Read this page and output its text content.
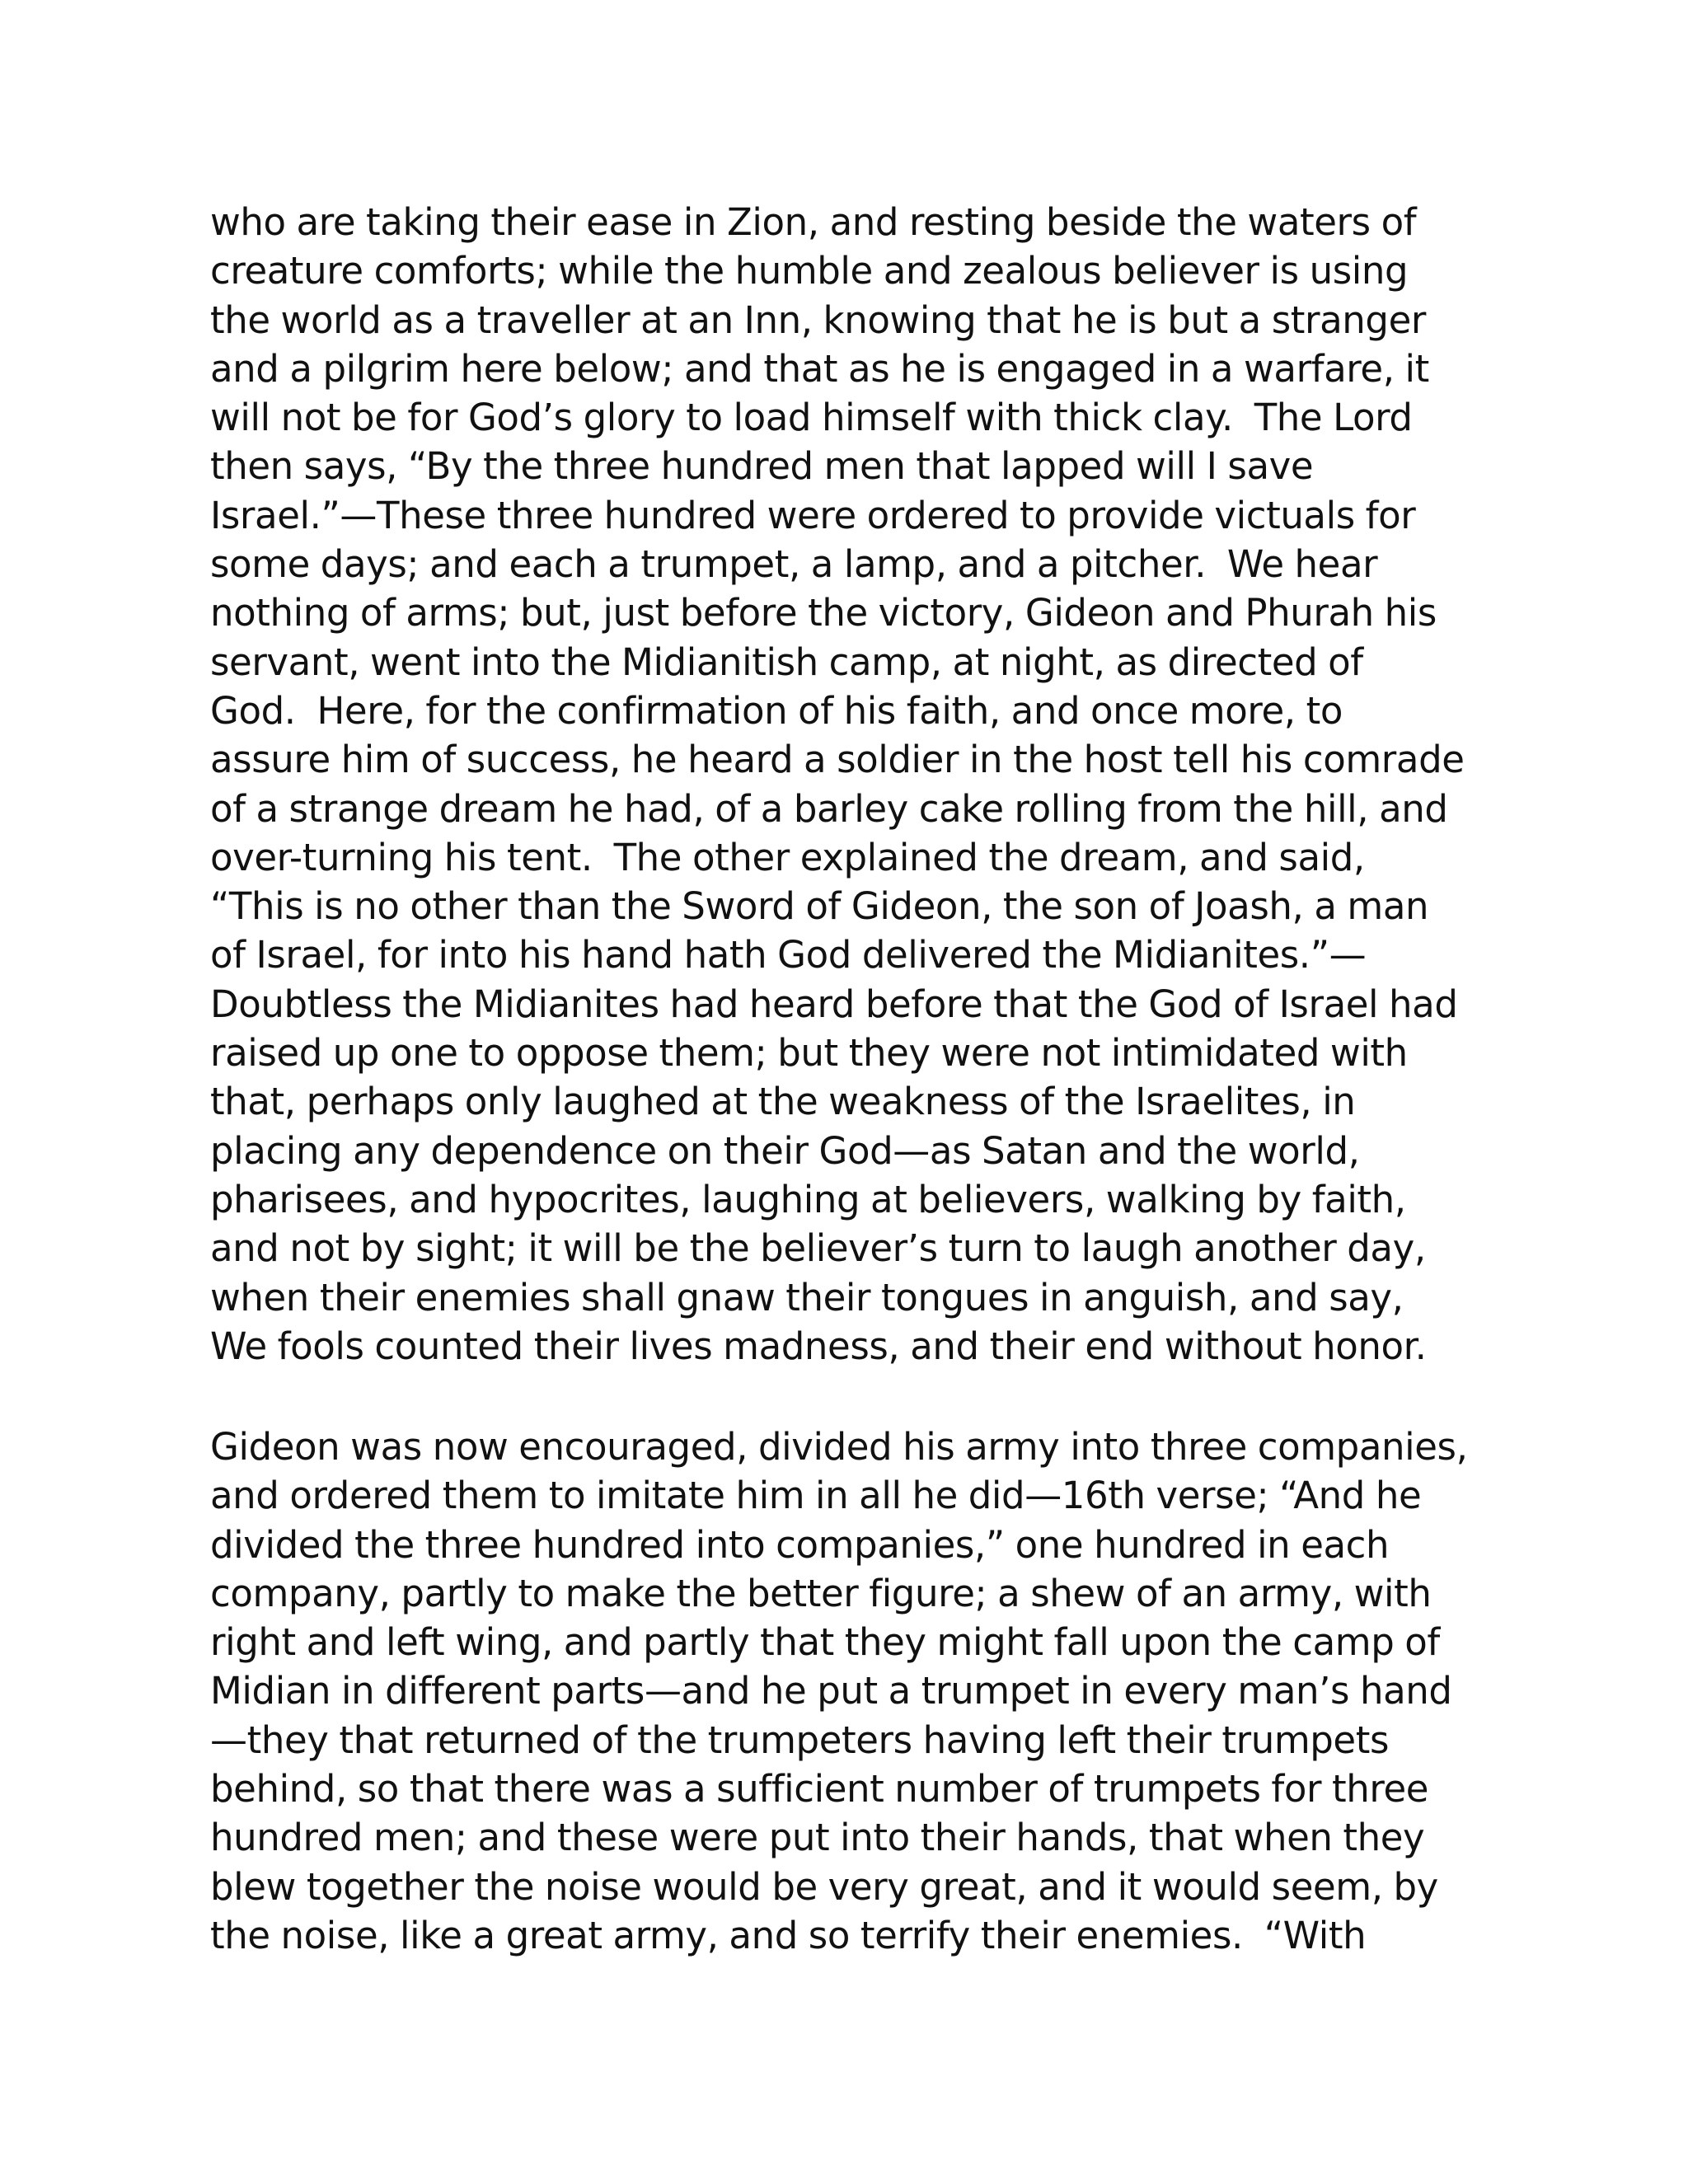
who are taking their ease in Zion, and resting beside the waters of
creature comforts; while the humble and zealous believer is using
the world as a traveller at an Inn, knowing that he is but a stranger
and a pilgrim here below; and that as he is engaged in a warfare, it
will not be for God’s glory to load himself with thick clay.  The Lord
then says, “By the three hundred men that lapped will I save
Israel.”—These three hundred were ordered to provide victuals for
some days; and each a trumpet, a lamp, and a pitcher.  We hear
nothing of arms; but, just before the victory, Gideon and Phurah his
servant, went into the Midianitish camp, at night, as directed of
God.  Here, for the confirmation of his faith, and once more, to
assure him of success, he heard a soldier in the host tell his comrade
of a strange dream he had, of a barley cake rolling from the hill, and
over-turning his tent.  The other explained the dream, and said,
“This is no other than the Sword of Gideon, the son of Joash, a man
of Israel, for into his hand hath God delivered the Midianites.”—
Doubtless the Midianites had heard before that the God of Israel had
raised up one to oppose them; but they were not intimidated with
that, perhaps only laughed at the weakness of the Israelites, in
placing any dependence on their God—as Satan and the world,
pharisees, and hypocrites, laughing at believers, walking by faith,
and not by sight; it will be the believer’s turn to laugh another day,
when their enemies shall gnaw their tongues in anguish, and say,
We fools counted their lives madness, and their end without honor.
Gideon was now encouraged, divided his army into three companies,
and ordered them to imitate him in all he did—16th verse; “And he
divided the three hundred into companies,” one hundred in each
company, partly to make the better figure; a shew of an army, with
right and left wing, and partly that they might fall upon the camp of
Midian in different parts—and he put a trumpet in every man’s hand
—they that returned of the trumpeters having left their trumpets
behind, so that there was a sufficient number of trumpets for three
hundred men; and these were put into their hands, that when they
blew together the noise would be very great, and it would seem, by
the noise, like a great army, and so terrify their enemies.  “With
